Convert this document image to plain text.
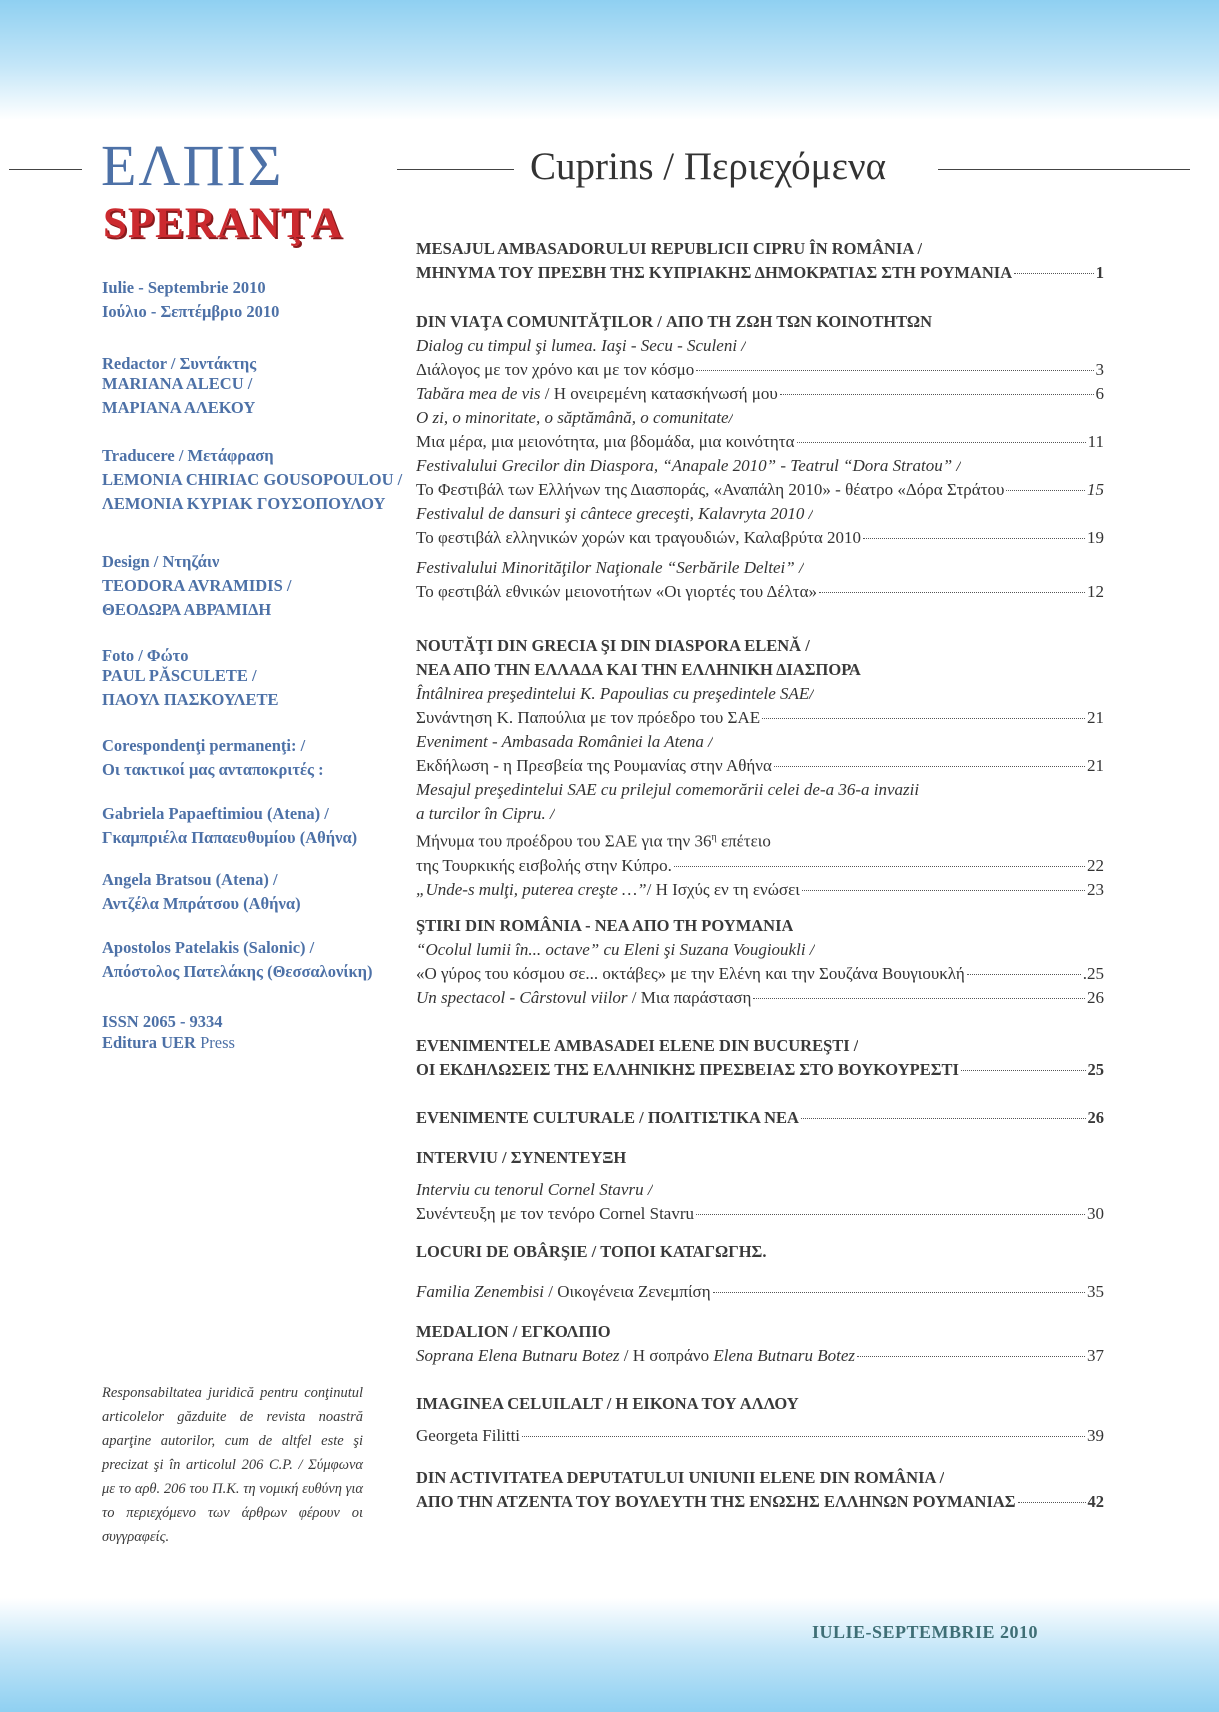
ΕΛΠΙΣ
SPERANŢA
Cuprins / Περιεχόμενα
Iulie - Septembrie 2010
Ιούλιο - Σεπτέμβριο 2010
Redactor / Συντάκτης
MARIANA ALECU /
ΜΑΡΙΑΝΑ ΑΛΕΚΟΥ
Traducere / Μετάφραση
LEMONIA CHIRIAC GOUSOPOULOU /
ΛΕΜΟΝΙΑ ΚΥΡΙΑΚ ΓΟΥΣΟΠΟΥΛΟΥ
Design / Ντηζάιν
TEODORA AVRAMIDIS /
ΘΕΟΔΩΡΑ ΑΒΡΑΜΙΔΗ
Foto / Φώτο
PAUL PĂSCULETE /
ΠΑΟΥΛ ΠΑΣΚΟΥΛΕΤΕ
Corespondenţi permanenţi: /
Οι τακτικοί μας ανταποκριτές :
Gabriela Papaeftimiou (Atena) /
Γκαμπριέλα Παπαευθυμίου (Αθήνα)
Angela Bratsou (Atena) /
Αντζέλα Μπράτσου (Αθήνα)
Apostolos Patelakis (Salonic) /
Απόστολος Πατελάκης (Θεσσαλονίκη)
ISSN 2065 - 9334
Editura UER Press
Responsabiltatea juridică pentru conţinutul articolelor găzduite de revista noastră aparţine autorilor, cum de altfel este şi precizat şi în articolul 206 C.P. / Σύμφωνα με το αρθ. 206 του Π.Κ. τη νομική ευθύνη για το περιεχόμενο των άρθρων φέρουν οι συγγραφείς.
MESAJUL AMBASADORULUI REPUBLICII CIPRU ÎN ROMÂNIA /
ΜΗΝΥΜΑ ΤΟΥ ΠΡΕΣΒΗ ΤΗΣ ΚΥΠΡΙΑΚΗΣ ΔΗΜΟΚΡΑΤΙΑΣ ΣΤΗ ΡΟΥΜΑΝΙΑ	1
DIN VIAŢA COMUNITĂŢILOR / ΑΠΟ ΤΗ ΖΩΗ ΤΩΝ ΚΟΙΝΟΤΗΤΩΝ
Dialog cu timpul şi lumea. Iaşi - Secu - Sculeni /
Διάλογος με τον χρόνο και με τον κόσμο	3
Tabăra mea de vis / Η ονειρεμένη κατασκήνωσή μου	6
O zi, o minoritate, o săptămână, o comunitate/
Μια μέρα, μια μειονότητα, μια βδομάδα, μια κοινότητα	11
Festivalului Grecilor din Diaspora, “Anapale 2010” - Teatrul “Dora Stratou” /
Το Φεστιβάλ των Ελλήνων της Διασποράς, «Αναπάλη 2010» - θέατρο «Δόρα Στράτου	15
Festivalul de dansuri şi cântece greceşti, Kalavryta 2010 /
Το φεστιβάλ ελληνικών χορών και τραγουδιών, Καλαβρύτα 2010	19
Festivalului Minorităţilor Naţionale “Serbările Deltei” /
Το φεστιβάλ εθνικών μειονοτήτων «Οι γιορτές του Δέλτα»	12
NOUTĂŢI DIN GRECIA ŞI DIN DIASPORA ELENĂ /
ΝΕΑ ΑΠΟ ΤΗΝ ΕΛΛΑΔΑ ΚΑΙ ΤΗΝ ΕΛΛΗΝΙΚΗ ΔΙΑΣΠΟΡΑ
Întâlnirea preşedintelui K. Papoulias cu preşedintele SAE/
Συνάντηση Κ. Παπούλια με τον πρόεδρο του ΣΑΕ	21
Eveniment - Ambasada României la Atena /
Εκδήλωση - η Πρεσβεία της Ρουμανίας στην Αθήνα	21
Mesajul preşedintelui SAE cu prilejul comemorării celei de-a 36-a invazii
a turcilor în Cipru. /
Μήνυμα του προέδρου του ΣΑΕ για την $36^\eta$ επέτειο
της Τουρκικής εισβολής στην Κύπρο.	22
„Unde-s mulţi, puterea creşte …”/ Η Ισχύς εν τη ενώσει	23
ŞTIRI DIN ROMÂNIA - ΝΕΑ ΑΠΟ ΤΗ ΡΟΥΜΑΝΙΑ
“Ocolul lumii în... octave” cu Eleni şi Suzana Vougioukli /
«Ο γύρος του κόσμου σε... οκτάβες» με την Ελένη και την Σουζάνα Βουγιουκλή	.25
Un spectacol - Cârstovul viilor / Μια παράσταση	26
EVENIMENTELE AMBASADEI ELENE DIN BUCUREŞTI /
ΟΙ ΕΚΔΗΛΩΣΕΙΣ ΤΗΣ ΕΛΛΗΝΙΚΗΣ ΠΡΕΣΒΕΙΑΣ ΣΤΟ ΒΟΥΚΟΥΡΕΣΤΙ	25
EVENIMENTE CULTURALE / ΠΟΛΙΤΙΣΤΙΚΑ ΝΕΑ	26
INTERVIU / ΣΥΝΕΝΤΕΥΞΗ
Interviu cu tenorul Cornel Stavru /
Συνέντευξη με τον τενόρο Cornel Stavru	30
LOCURI DE OBÂRŞIE / ΤΟΠΟΙ ΚΑΤΑΓΩΓΗΣ.
Familia Zenembisi / Οικογένεια Ζενεμπίση	35
MEDALION / ΕΓΚΟΛΠΙΟ
Soprana Elena Butnaru Botez / Η σοπράνο Elena Butnaru Botez	37
IMAGINEA CELUILALT / Η ΕΙΚΟΝΑ ΤΟΥ ΑΛΛΟΥ
Georgeta Filitti	39
DIN ACTIVITATEA DEPUTATULUI UNIUNII ELENE DIN ROMÂNIA /
ΑΠΟ ΤΗΝ ΑΤΖΕΝΤΑ ΤΟΥ ΒΟΥΛΕΥΤΗ ΤΗΣ ΕΝΩΣΗΣ ΕΛΛΗΝΩΝ ΡΟΥΜΑΝΙΑΣ	42
IULIE-SEPTEMBRIE 2010
